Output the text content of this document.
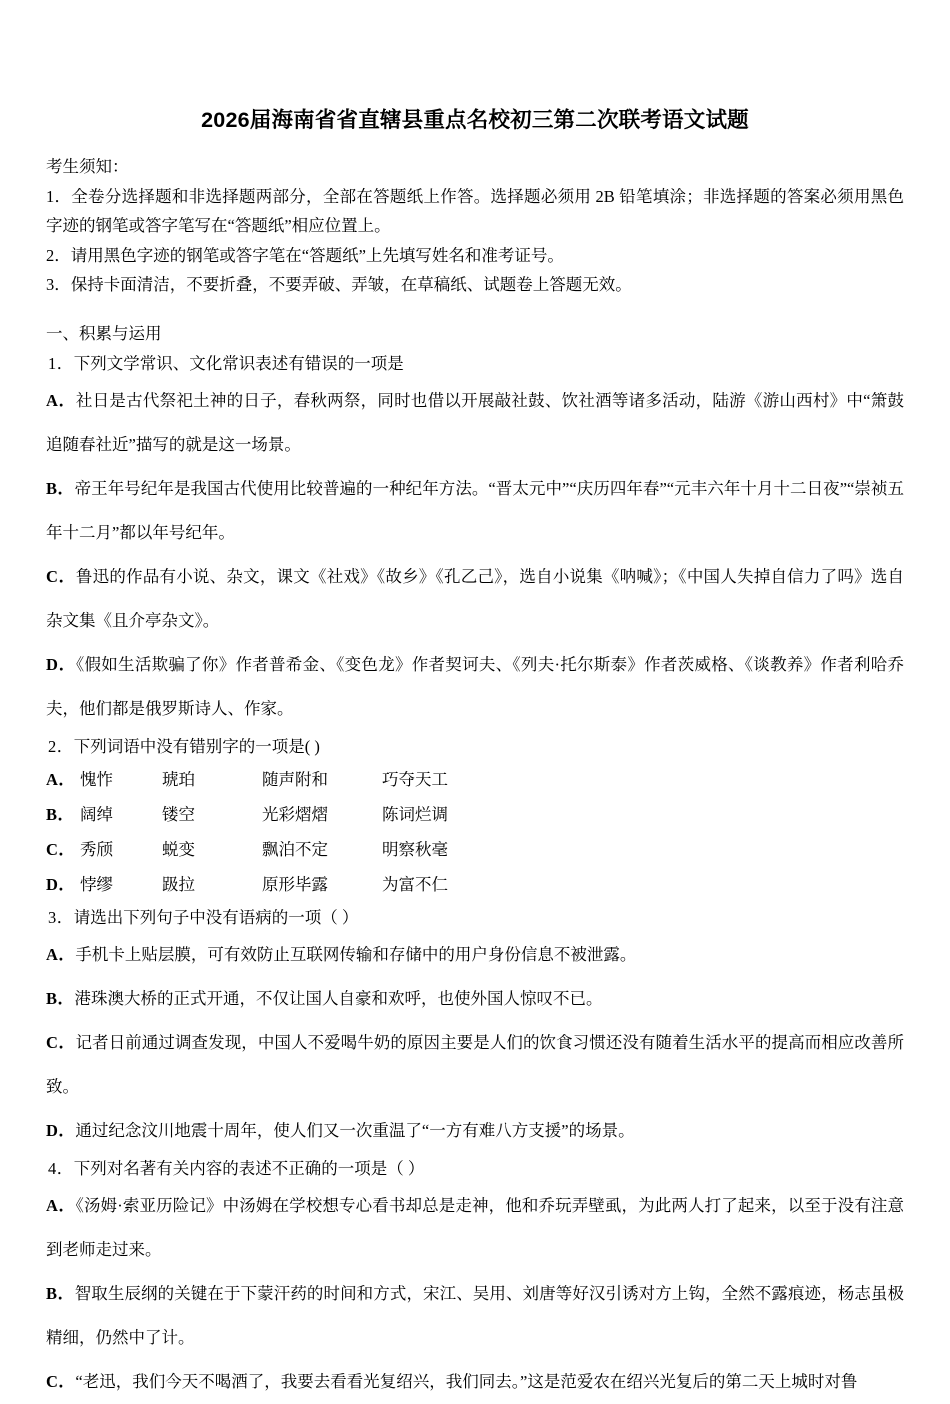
2026届海南省省直辖县重点名校初三第二次联考语文试题

考生须知：

1．全卷分选择题和非选择题两部分，全部在答题纸上作答。选择题必须用 2B 铅笔填涂；非选择题的答案必须用黑色字迹的钢笔或答字笔写在“答题纸”相应位置上。

2．请用黑色字迹的钢笔或答字笔在“答题纸”上先填写姓名和准考证号。

3．保持卡面清洁，不要折叠，不要弄破、弄皱，在草稿纸、试题卷上答题无效。

一、积累与运用

1．下列文学常识、文化常识表述有错误的一项是

A．社日是古代祭祀土神的日子，春秋两祭，同时也借以开展敲社鼓、饮社酒等诸多活动，陆游《游山西村》中“箫鼓追随春社近”描写的就是这一场景。

B．帝王年号纪年是我国古代使用比较普遍的一种纪年方法。“晋太元中”“庆历四年春”“元丰六年十月十二日夜”“崇祯五年十二月”都以年号纪年。

C．鲁迅的作品有小说、杂文，课文《社戏》《故乡》《孔乙己》，选自小说集《呐喊》；《中国人失掉自信力了吗》选自杂文集《且介亭杂文》。

D．《假如生活欺骗了你》作者普希金、《变色龙》作者契诃夫、《列夫·托尔斯泰》作者茨威格、《谈教养》作者利哈乔夫，他们都是俄罗斯诗人、作家。

2．下列词语中没有错别字的一项是( )

A． 愧怍	琥珀	随声附和	巧夺天工
B． 阔绰	镂空	光彩熠熠	陈词烂调
C． 秀颀	蜕变	飘泊不定	明察秋毫
D． 悖缪	趿拉	原形毕露	为富不仁

3．请选出下列句子中没有语病的一项（ ）

A．手机卡上贴层膜，可有效防止互联网传输和存储中的用户身份信息不被泄露。

B．港珠澳大桥的正式开通，不仅让国人自豪和欢呼，也使外国人惊叹不已。

C．记者日前通过调查发现，中国人不爱喝牛奶的原因主要是人们的饮食习惯还没有随着生活水平的提高而相应改善所致。

D．通过纪念汶川地震十周年，使人们又一次重温了“一方有难八方支援”的场景。

4．下列对名著有关内容的表述不正确的一项是（ ）

A．《汤姆·索亚历险记》中汤姆在学校想专心看书却总是走神，他和乔玩弄壁虱，为此两人打了起来，以至于没有注意到老师走过来。

B．智取生辰纲的关键在于下蒙汗药的时间和方式，宋江、吴用、刘唐等好汉引诱对方上钩，全然不露痕迹，杨志虽极精细，仍然中了计。

C．“老迅，我们今天不喝酒了，我要去看看光复绍兴，我们同去。”这是范爱农在绍兴光复后的第二天上城时对鲁
